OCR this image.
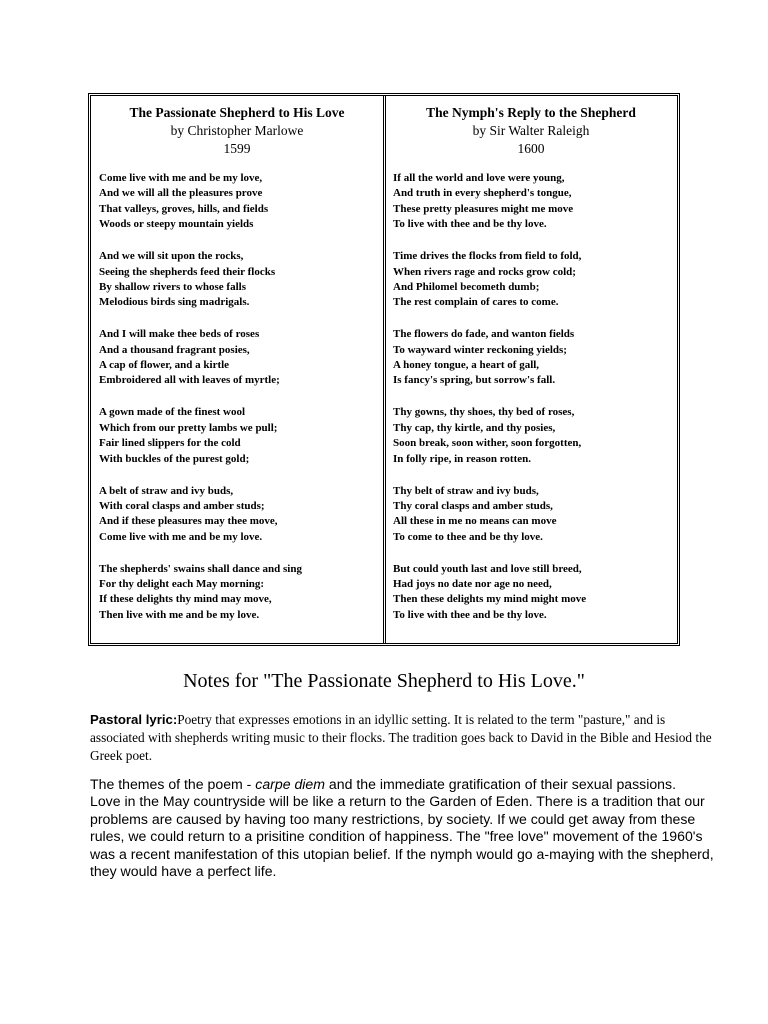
The Passionate Shepherd to His Love
by Christopher Marlowe
1599
Come live with me and be my love,
And we will all the pleasures prove
That valleys, groves, hills, and fields
Woods or steepy mountain yields
And we will sit upon the rocks,
Seeing the shepherds feed their flocks
By shallow rivers to whose falls
Melodious birds sing madrigals.
And I will make thee beds of roses
And a thousand fragrant posies,
A cap of flower, and a kirtle
Embroidered all with leaves of myrtle;
A gown made of the finest wool
Which from our pretty lambs we pull;
Fair lined slippers for the cold
With buckles of the purest gold;
A belt of straw and ivy buds,
With coral clasps and amber studs;
And if these pleasures may thee move,
Come live with me and be my love.
The shepherds' swains shall dance and sing
For thy delight each May morning:
If these delights thy mind may move,
Then live with me and be my love.
The Nymph's Reply to the Shepherd
by Sir Walter Raleigh
1600
If all the world and love were young,
And truth in every shepherd's tongue,
These pretty pleasures might me move
To live with thee and be thy love.
Time drives the flocks from field to fold,
When rivers rage and rocks grow cold;
And Philomel becometh dumb;
The rest complain of cares to come.
The flowers do fade, and wanton fields
To wayward winter reckoning yields;
A honey tongue, a heart of gall,
Is fancy's spring, but sorrow's fall.
Thy gowns, thy shoes, thy bed of roses,
Thy cap, thy kirtle, and thy posies,
Soon break, soon wither, soon forgotten,
In folly ripe, in reason rotten.
Thy belt of straw and ivy buds,
Thy coral clasps and amber studs,
All these in me no means can move
To come to thee and be thy love.
But could youth last and love still breed,
Had joys no date nor age no need,
Then these delights my mind might move
To live with thee and be thy love.
Notes for "The Passionate Shepherd to His Love."

Pastoral lyric:Poetry that expresses emotions in an idyllic setting. It is related to the term "pasture," and is associated with shepherds writing music to their flocks. The tradition goes back to David in the Bible and Hesiod the Greek poet.

The themes of the poem - carpe diem and the immediate gratification of their sexual passions.

Love in the May countryside will be like a return to the Garden of Eden. There is a tradition that our problems are caused by having too many restrictions, by society. If we could get away from these rules, we could return to a prisitine condition of happiness. The "free love" movement of the 1960's was a recent manifestation of this utopian belief. If the nymph would go a-maying with the shepherd, they would have a perfect life.
